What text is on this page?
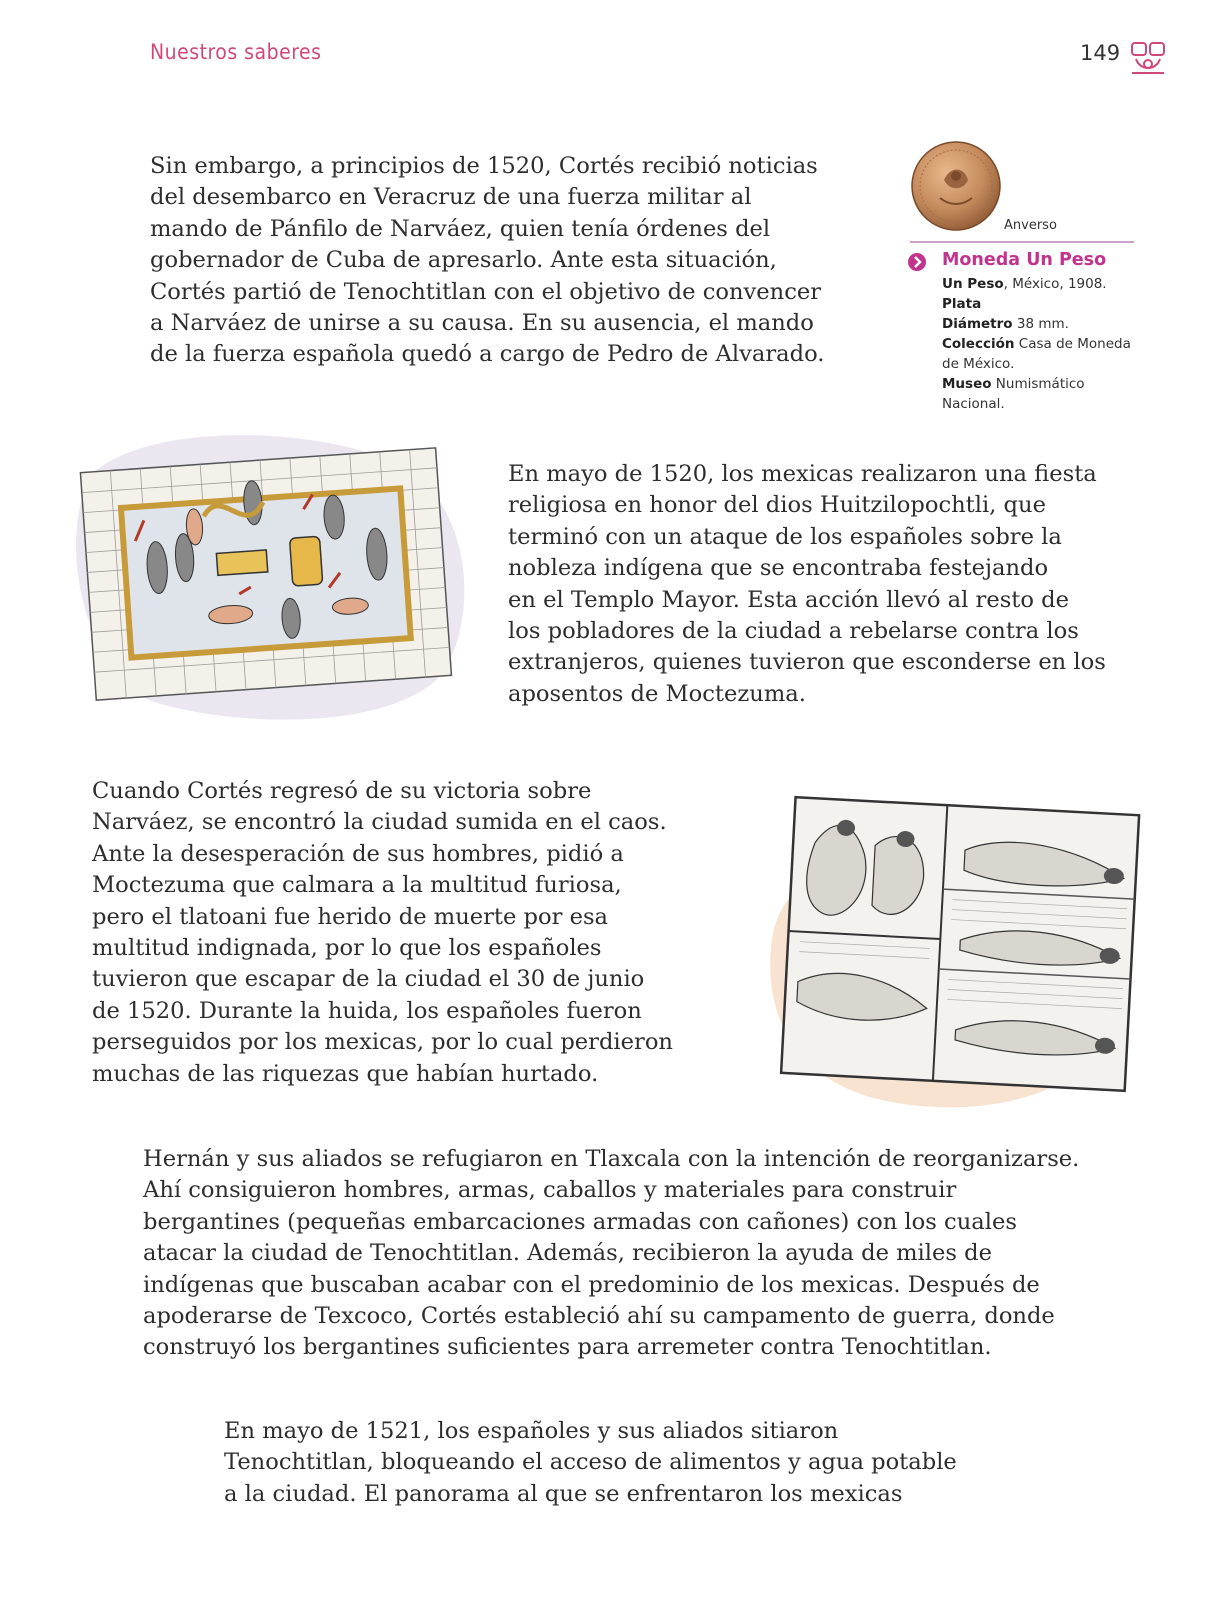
Nuestros saberes	149

Sin embargo, a principios de 1520, Cortés recibió noticias
del desembarco en Veracruz de una fuerza militar al
mando de Pánfilo de Narváez, quien tenía órdenes del
gobernador de Cuba de apresarlo. Ante esta situación,
Cortés partió de Tenochtitlan con el objetivo de convencer
a Narváez de unirse a su causa. En su ausencia, el mando
de la fuerza española quedó a cargo de Pedro de Alvarado.

Anverso
Moneda Un Peso
Un Peso, México, 1908.
Plata
Diámetro 38 mm.
Colección Casa de Moneda de México.
Museo Numismático Nacional.

En mayo de 1520, los mexicas realizaron una fiesta
religiosa en honor del dios Huitzilopochtli, que
terminó con un ataque de los españoles sobre la
nobleza indígena que se encontraba festejando
en el Templo Mayor. Esta acción llevó al resto de
los pobladores de la ciudad a rebelarse contra los
extranjeros, quienes tuvieron que esconderse en los
aposentos de Moctezuma.

Cuando Cortés regresó de su victoria sobre
Narváez, se encontró la ciudad sumida en el caos.
Ante la desesperación de sus hombres, pidió a
Moctezuma que calmara a la multitud furiosa,
pero el tlatoani fue herido de muerte por esa
multitud indignada, por lo que los españoles
tuvieron que escapar de la ciudad el 30 de junio
de 1520. Durante la huida, los españoles fueron
perseguidos por los mexicas, por lo cual perdieron
muchas de las riquezas que habían hurtado.

Hernán y sus aliados se refugiaron en Tlaxcala con la intención de reorganizarse.
Ahí consiguieron hombres, armas, caballos y materiales para construir
bergantines (pequeñas embarcaciones armadas con cañones) con los cuales
atacar la ciudad de Tenochtitlan. Además, recibieron la ayuda de miles de
indígenas que buscaban acabar con el predominio de los mexicas. Después de
apoderarse de Texcoco, Cortés estableció ahí su campamento de guerra, donde
construyó los bergantines suficientes para arremeter contra Tenochtitlan.

En mayo de 1521, los españoles y sus aliados sitiaron
Tenochtitlan, bloqueando el acceso de alimentos y agua potable
a la ciudad. El panorama al que se enfrentaron los mexicas
